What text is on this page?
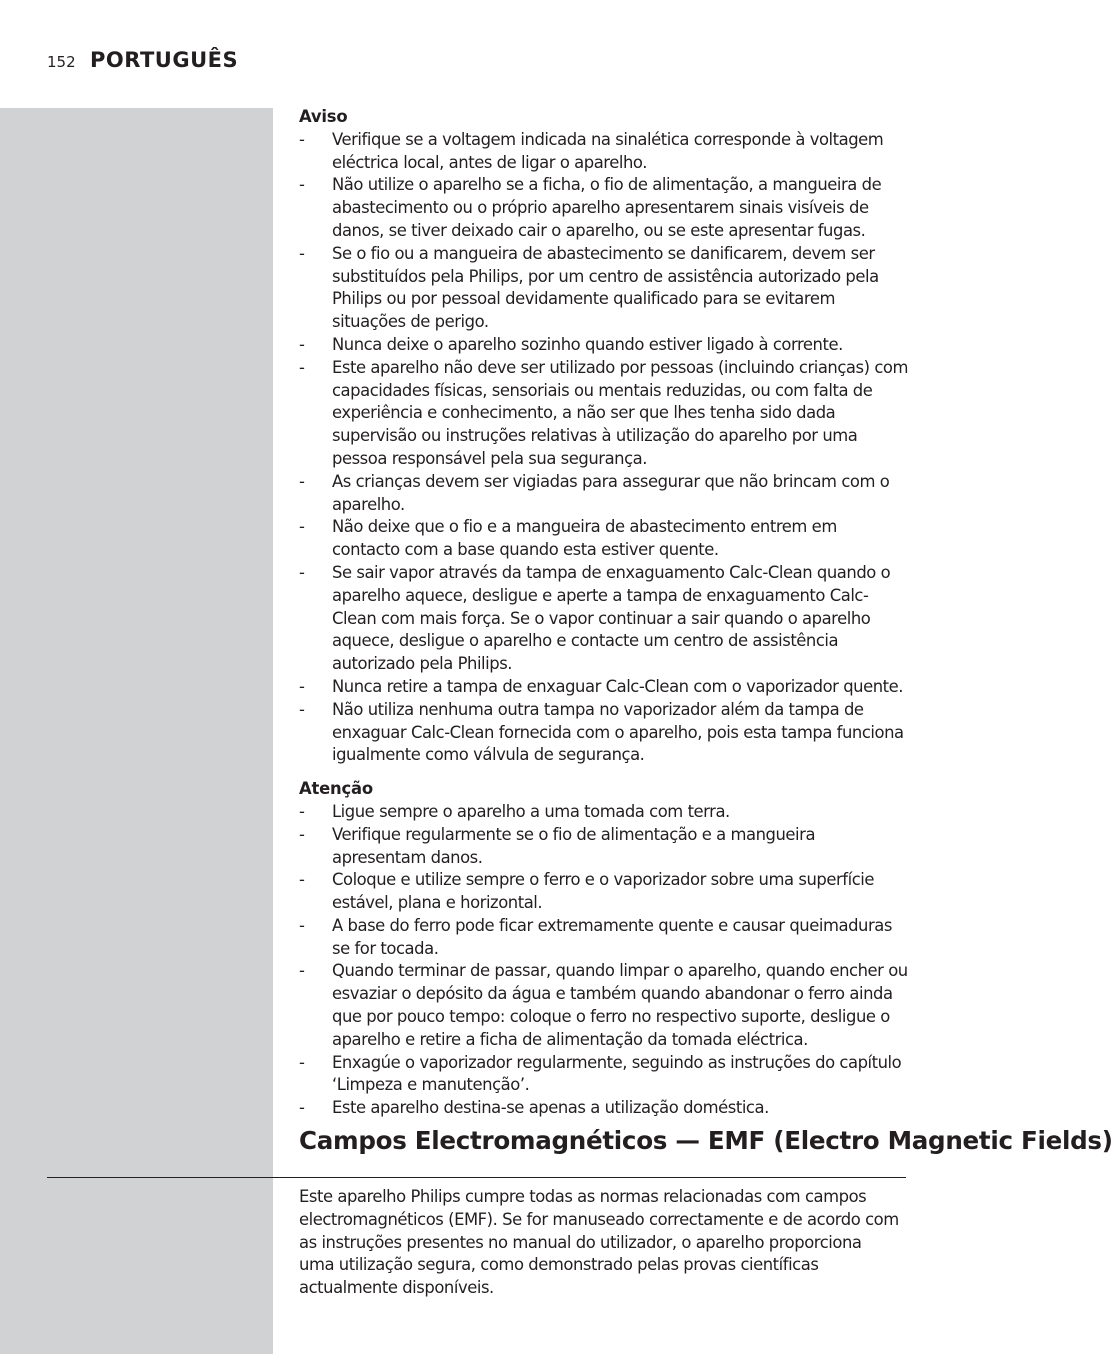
152 PORTUGUÊS
Aviso
- Verifique se a voltagem indicada na sinalética corresponde à voltagem eléctrica local, antes de ligar o aparelho.
- Não utilize o aparelho se a ficha, o fio de alimentação, a mangueira de abastecimento ou o próprio aparelho apresentarem sinais visíveis de danos, se tiver deixado cair o aparelho, ou se este apresentar fugas.
- Se o fio ou a mangueira de abastecimento se danificarem, devem ser substituídos pela Philips, por um centro de assistência autorizado pela Philips ou por pessoal devidamente qualificado para se evitarem situações de perigo.
- Nunca deixe o aparelho sozinho quando estiver ligado à corrente.
- Este aparelho não deve ser utilizado por pessoas (incluindo crianças) com capacidades físicas, sensoriais ou mentais reduzidas, ou com falta de experiência e conhecimento, a não ser que lhes tenha sido dada supervisão ou instruções relativas à utilização do aparelho por uma pessoa responsável pela sua segurança.
- As crianças devem ser vigiadas para assegurar que não brincam com o aparelho.
- Não deixe que o fio e a mangueira de abastecimento entrem em contacto com a base quando esta estiver quente.
- Se sair vapor através da tampa de enxaguamento Calc-Clean quando o aparelho aquece, desligue e aperte a tampa de enxaguamento Calc-Clean com mais força. Se o vapor continuar a sair quando o aparelho aquece, desligue o aparelho e contacte um centro de assistência autorizado pela Philips.
- Nunca retire a tampa de enxaguar Calc-Clean com o vaporizador quente.
- Não utiliza nenhuma outra tampa no vaporizador além da tampa de enxaguar Calc-Clean fornecida com o aparelho, pois esta tampa funciona igualmente como válvula de segurança.
Atenção
- Ligue sempre o aparelho a uma tomada com terra.
- Verifique regularmente se o fio de alimentação e a mangueira apresentam danos.
- Coloque e utilize sempre o ferro e o vaporizador sobre uma superfície estável, plana e horizontal.
- A base do ferro pode ficar extremamente quente e causar queimaduras se for tocada.
- Quando terminar de passar, quando limpar o aparelho, quando encher ou esvaziar o depósito da água e também quando abandonar o ferro ainda que por pouco tempo: coloque o ferro no respectivo suporte, desligue o aparelho e retire a ficha de alimentação da tomada eléctrica.
- Enxagúe o vaporizador regularmente, seguindo as instruções do capítulo ‘Limpeza e manutenção’.
- Este aparelho destina-se apenas a utilização doméstica.
Campos Electromagnéticos — EMF (Electro Magnetic Fields)

Este aparelho Philips cumpre todas as normas relacionadas com campos electromagnéticos (EMF). Se for manuseado correctamente e de acordo com as instruções presentes no manual do utilizador, o aparelho proporciona uma utilização segura, como demonstrado pelas provas científicas actualmente disponíveis.
